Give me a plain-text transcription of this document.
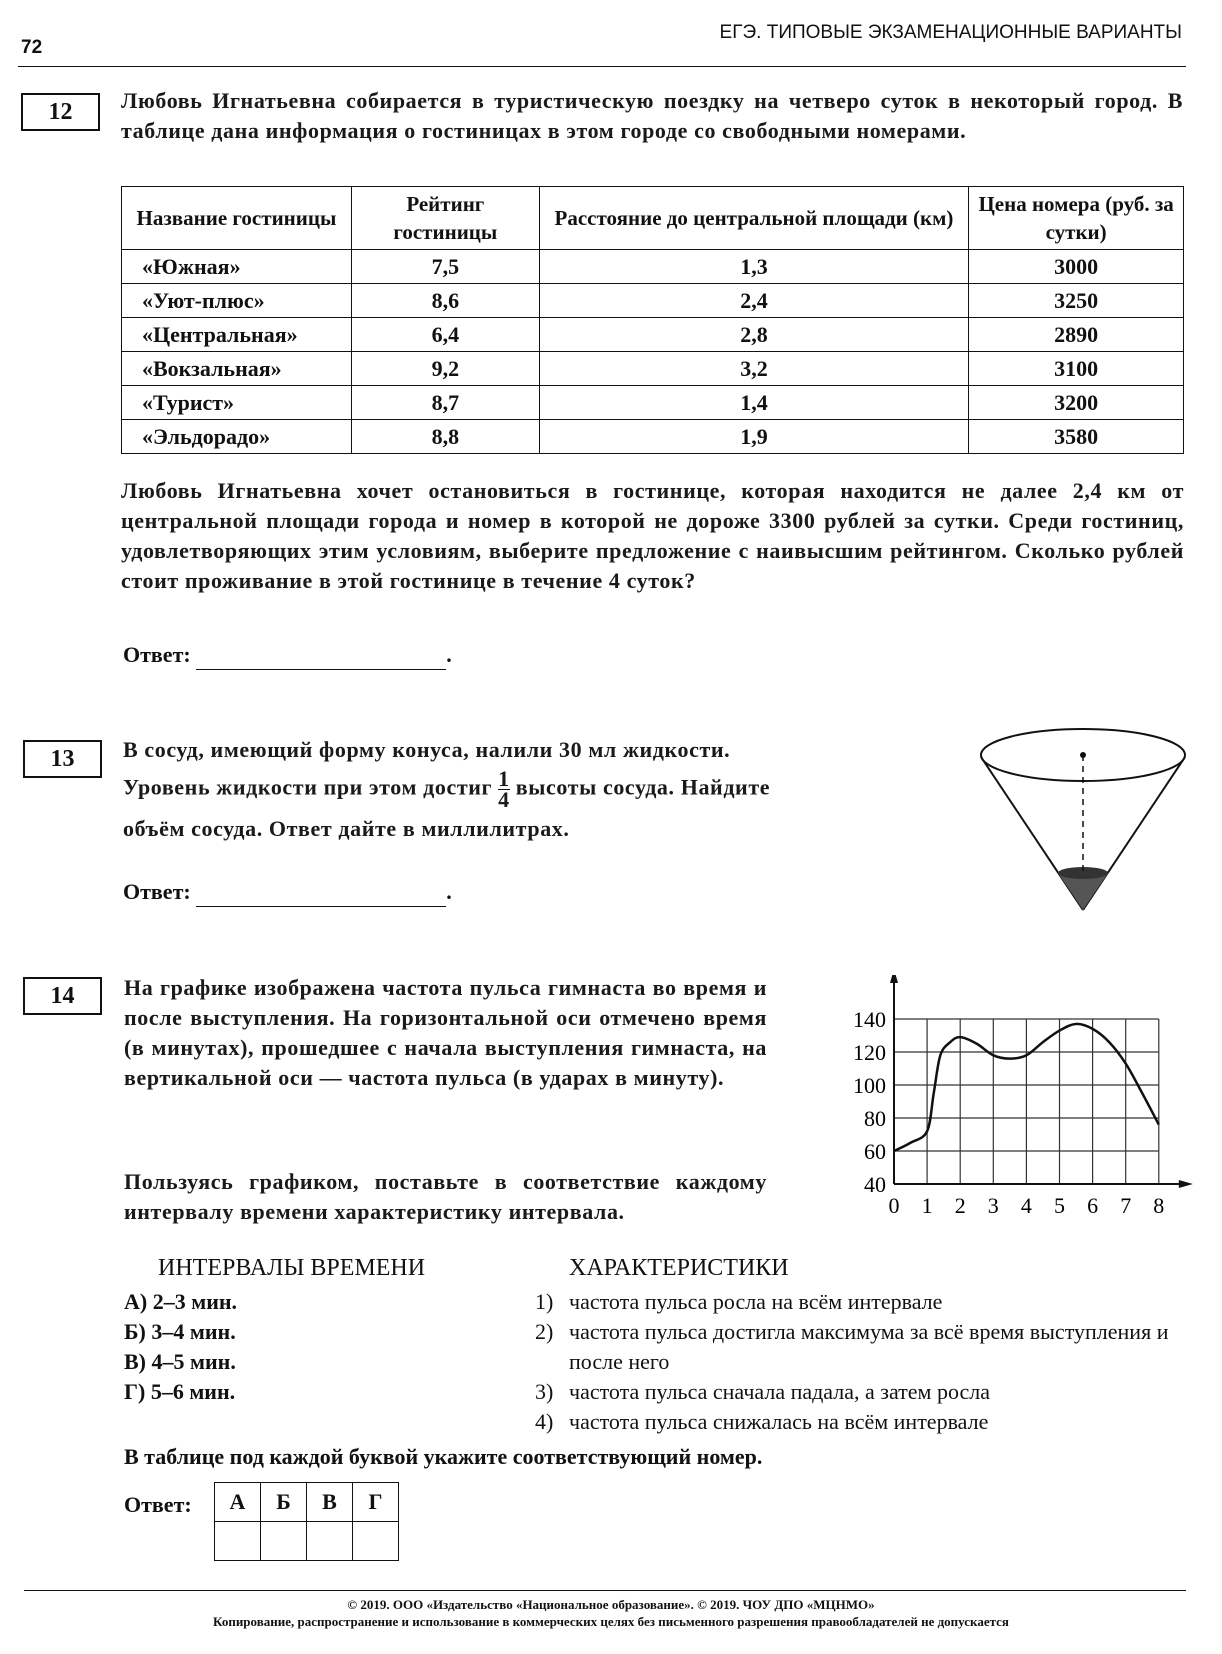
72
ЕГЭ. ТИПОВЫЕ ЭКЗАМЕНАЦИОННЫЕ ВАРИАНТЫ
12	Любовь Игнатьевна собирается в туристическую поездку на четверо суток в некоторый город. В таблице дана информация о гостиницах в этом городе со свободными номерами.
Название гостиницы	Рейтинг гостиницы	Расстояние до центральной площади (км)	Цена номера (руб. за сутки)
«Южная»	7,5	1,3	3000
«Уют-плюс»	8,6	2,4	3250
«Центральная»	6,4	2,8	2890
«Вокзальная»	9,2	3,2	3100
«Турист»	8,7	1,4	3200
«Эльдорадо»	8,8	1,9	3580
Любовь Игнатьевна хочет остановиться в гостинице, которая находится не далее 2,4 км от центральной площади города и номер в которой не дороже 3300 рублей за сутки. Среди гостиниц, удовлетворяющих этим условиям, выберите предложение с наивысшим рейтингом. Сколько рублей стоит проживание в этой гостинице в течение 4 суток?
Ответ:	.
13	В сосуд, имеющий форму конуса, налили 30 мл жидкости.
Уровень жидкости при этом достиг $\frac{1}{4}$ высоты сосуда. Найдите
объём сосуда. Ответ дайте в миллилитрах.
Ответ:	.
14	На графике изображена частота пульса гимнаста во время и после выступления. На горизонтальной оси отмечено время (в минутах), прошедшее с начала выступления гимнаста, на вертикальной оси — частота пульса (в ударах в минуту).
Пользуясь графиком, поставьте в соответствие каждому интервалу времени характеристику интервала.	0 1 2 3 4 5 6 7 8
40
60
80
100
120
140
ИНТЕРВАЛЫ ВРЕМЕНИ	ХАРАКТЕРИСТИКИ
А) 2–3 мин.
Б) 3–4 мин.
В) 4–5 мин.
Г) 5–6 мин.
1) частота пульса росла на всём интервале
2) частота пульса достигла максимума за всё время выступления и после него
3) частота пульса сначала падала, а затем росла
4) частота пульса снижалась на всём интервале
В таблице под каждой буквой укажите соответствующий номер.
Ответ: А	Б	В	Г

© 2019. ООО «Издательство «Национальное образование». © 2019. ЧОУ ДПО «МЦНМО»
Копирование, распространение и использование в коммерческих целях без письменного разрешения правообладателей не допускается
